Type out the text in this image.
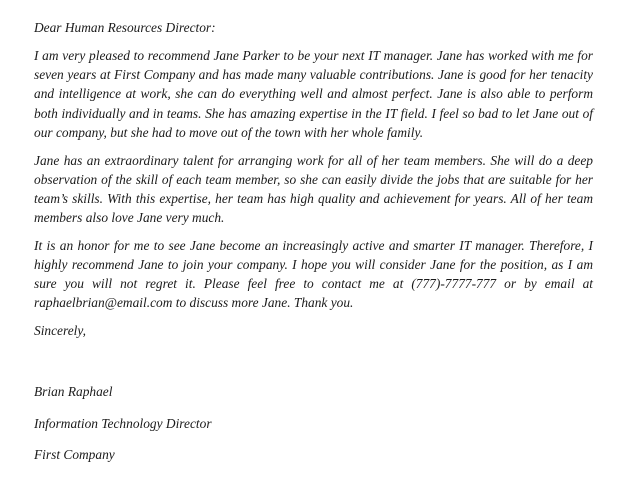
Dear Human Resources Director:

I am very pleased to recommend Jane Parker to be your next IT manager. Jane has worked with me for seven years at First Company and has made many valuable contributions. Jane is good for her tenacity and intelligence at work, she can do everything well and almost perfect. Jane is also able to perform both individually and in teams. She has amazing expertise in the IT field. I feel so bad to let Jane out of our company, but she had to move out of the town with her whole family.

Jane has an extraordinary talent for arranging work for all of her team members. She will do a deep observation of the skill of each team member, so she can easily divide the jobs that are suitable for her team’s skills. With this expertise, her team has high quality and achievement for years. All of her team members also love Jane very much.

It is an honor for me to see Jane become an increasingly active and smarter IT manager. Therefore, I highly recommend Jane to join your company. I hope you will consider Jane for the position, as I am sure you will not regret it. Please feel free to contact me at (777)-7777-777 or by email at raphaelbrian@email.com to discuss more Jane. Thank you.

Sincerely,
Brian Raphael
Information Technology Director
First Company
